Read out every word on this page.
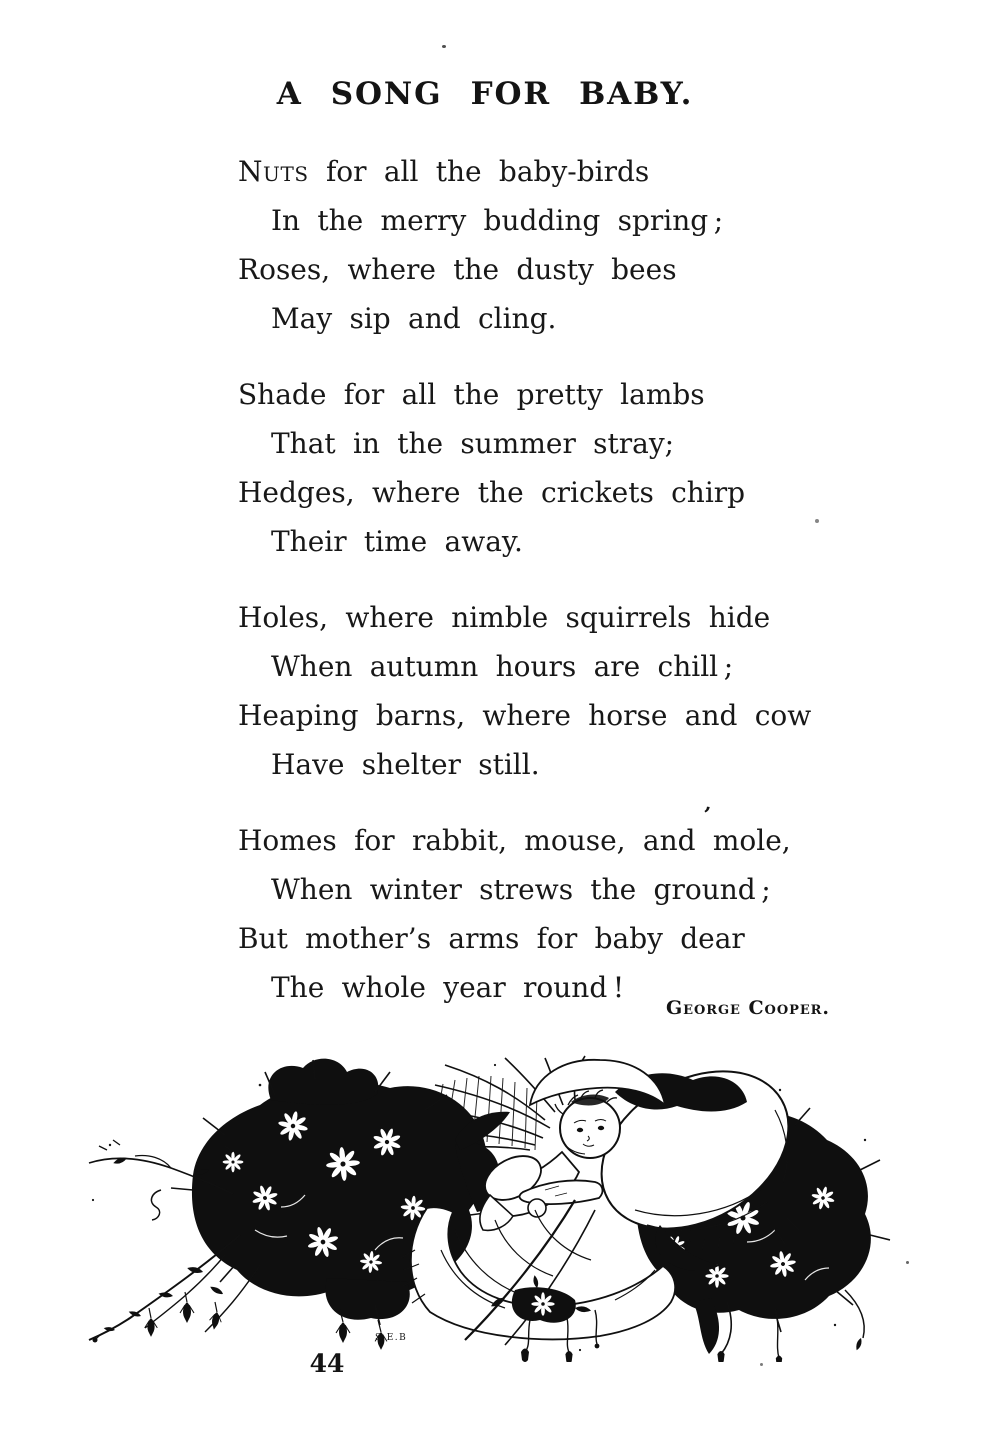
A SONG FOR BABY.
Nuts for all the baby-birds
In the merry budding spring ;
Roses, where the dusty bees
May sip and cling.
Shade for all the pretty lambs
That in the summer stray;
Hedges, where the crickets chirp
Their time away.
Holes, where nimble squirrels hide
When autumn hours are chill ;
Heaping barns, where horse and cow
Have shelter still.
Homes for rabbit, mouse, and mole,
When winter strews the ground ;
But mother’s arms for baby dear
The whole year round !
’
George Cooper.
S.E.B
44
